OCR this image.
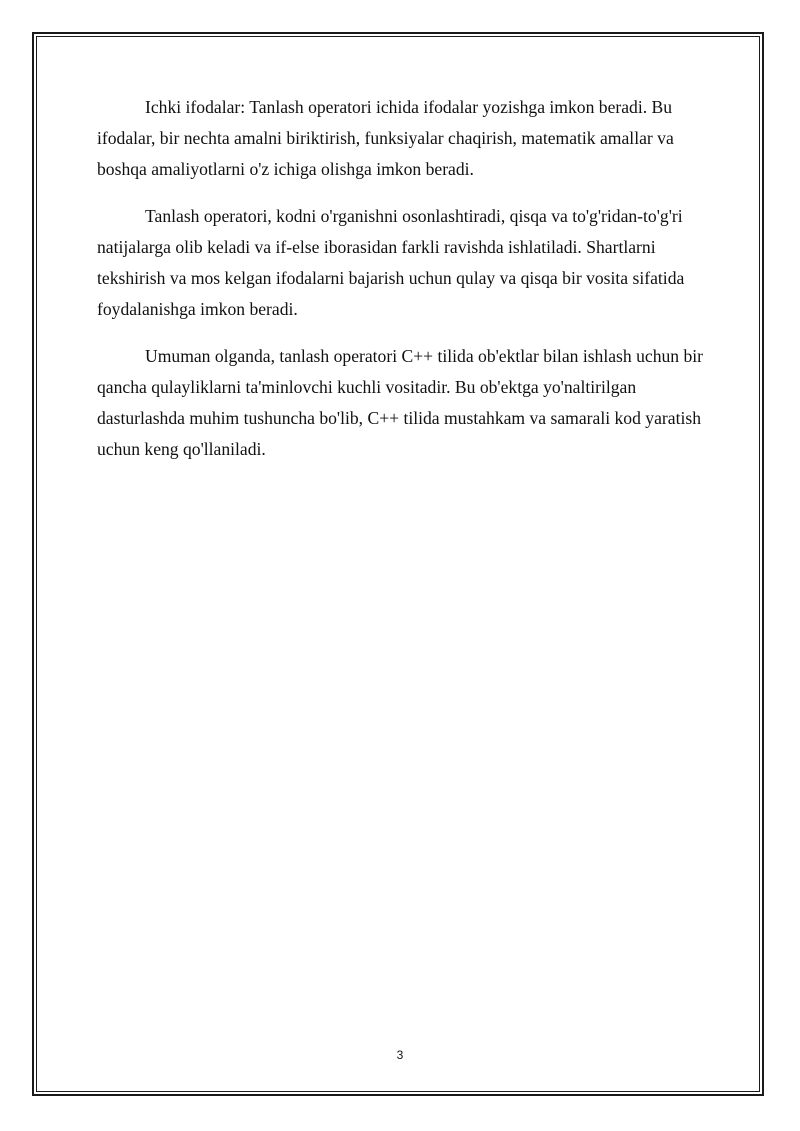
Ichki ifodalar: Tanlash operatori ichida ifodalar yozishga imkon beradi. Bu ifodalar, bir nechta amalni biriktirish, funksiyalar chaqirish, matematik amallar va boshqa amaliyotlarni o'z ichiga olishga imkon beradi.

Tanlash operatori, kodni o'rganishni osonlashtiradi, qisqa va to'g'ridan-to'g'ri natijalarga olib keladi va if-else iborasidan farkli ravishda ishlatiladi. Shartlarni tekshirish va mos kelgan ifodalarni bajarish uchun qulay va qisqa bir vosita sifatida foydalanishga imkon beradi.

Umuman olganda, tanlash operatori C++ tilida ob'ektlar bilan ishlash uchun bir qancha qulayliklarni ta'minlovchi kuchli vositadir. Bu ob'ektga yo'naltirilgan dasturlashda muhim tushuncha bo'lib, C++ tilida mustahkam va samarali kod yaratish uchun keng qo'llaniladi.

3
